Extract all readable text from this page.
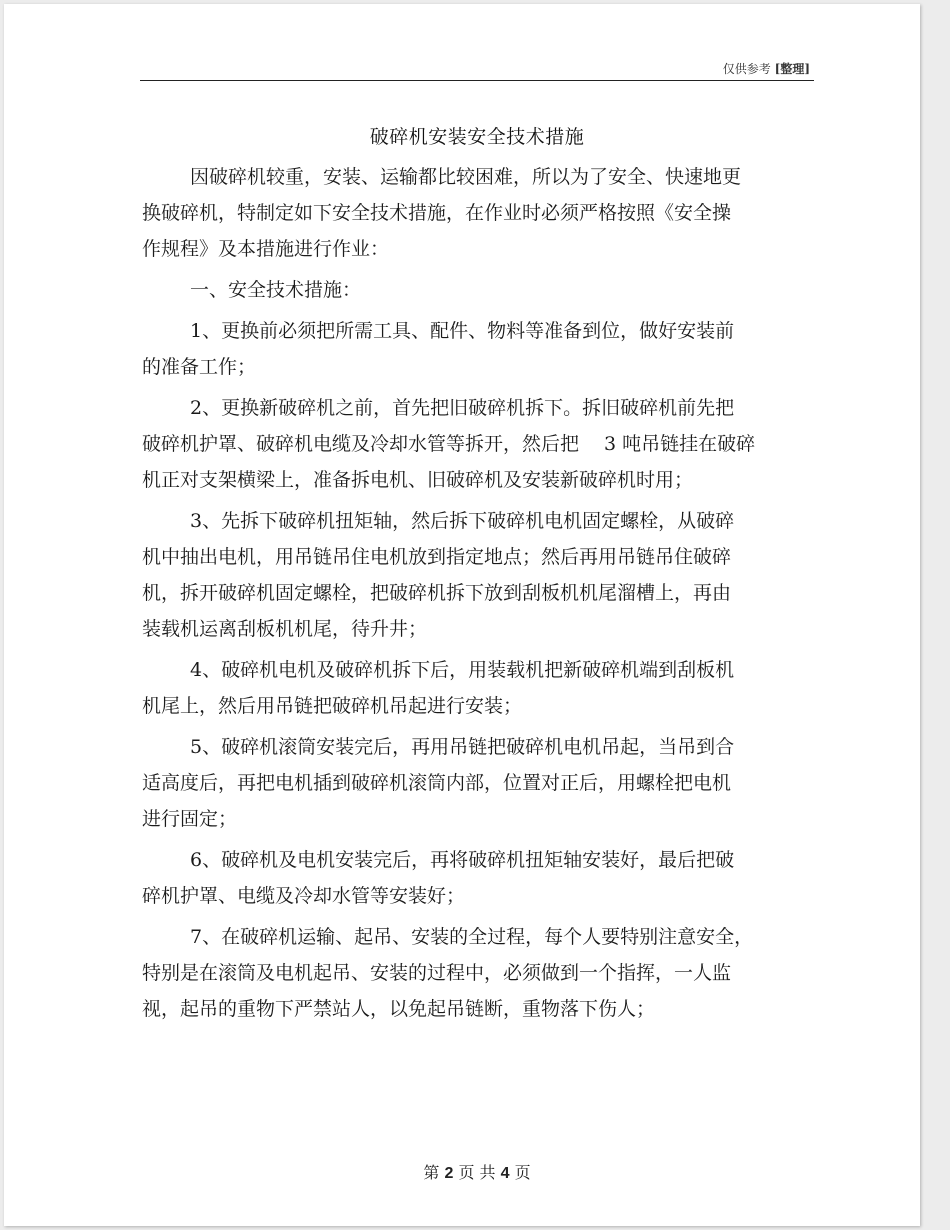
仅供参考 [整理]
破碎机安装安全技术措施
因破碎机较重，安装、运输都比较困难，所以为了安全、快速地更
换破碎机，特制定如下安全技术措施，在作业时必须严格按照《安全操
作规程》及本措施进行作业：
一、安全技术措施：
1、更换前必须把所需工具、配件、物料等准备到位，做好安装前
的准备工作；
2、更换新破碎机之前，首先把旧破碎机拆下。拆旧破碎机前先把
破碎机护罩、破碎机电缆及冷却水管等拆开，然后把　 3 吨吊链挂在破碎
机正对支架横梁上，准备拆电机、旧破碎机及安装新破碎机时用；
3、先拆下破碎机扭矩轴，然后拆下破碎机电机固定螺栓，从破碎
机中抽出电机，用吊链吊住电机放到指定地点；然后再用吊链吊住破碎
机，拆开破碎机固定螺栓，把破碎机拆下放到刮板机机尾溜槽上，再由
装载机运离刮板机机尾，待升井；
4、破碎机电机及破碎机拆下后，用装载机把新破碎机端到刮板机
机尾上，然后用吊链把破碎机吊起进行安装；
5、破碎机滚筒安装完后，再用吊链把破碎机电机吊起，当吊到合
适高度后，再把电机插到破碎机滚筒内部，位置对正后，用螺栓把电机
进行固定；
6、破碎机及电机安装完后，再将破碎机扭矩轴安装好，最后把破
碎机护罩、电缆及冷却水管等安装好；
7、在破碎机运输、起吊、安装的全过程，每个人要特别注意安全，
特别是在滚筒及电机起吊、安装的过程中，必须做到一个指挥，一人监
视，起吊的重物下严禁站人，以免起吊链断，重物落下伤人；
第 2 页 共 4 页
